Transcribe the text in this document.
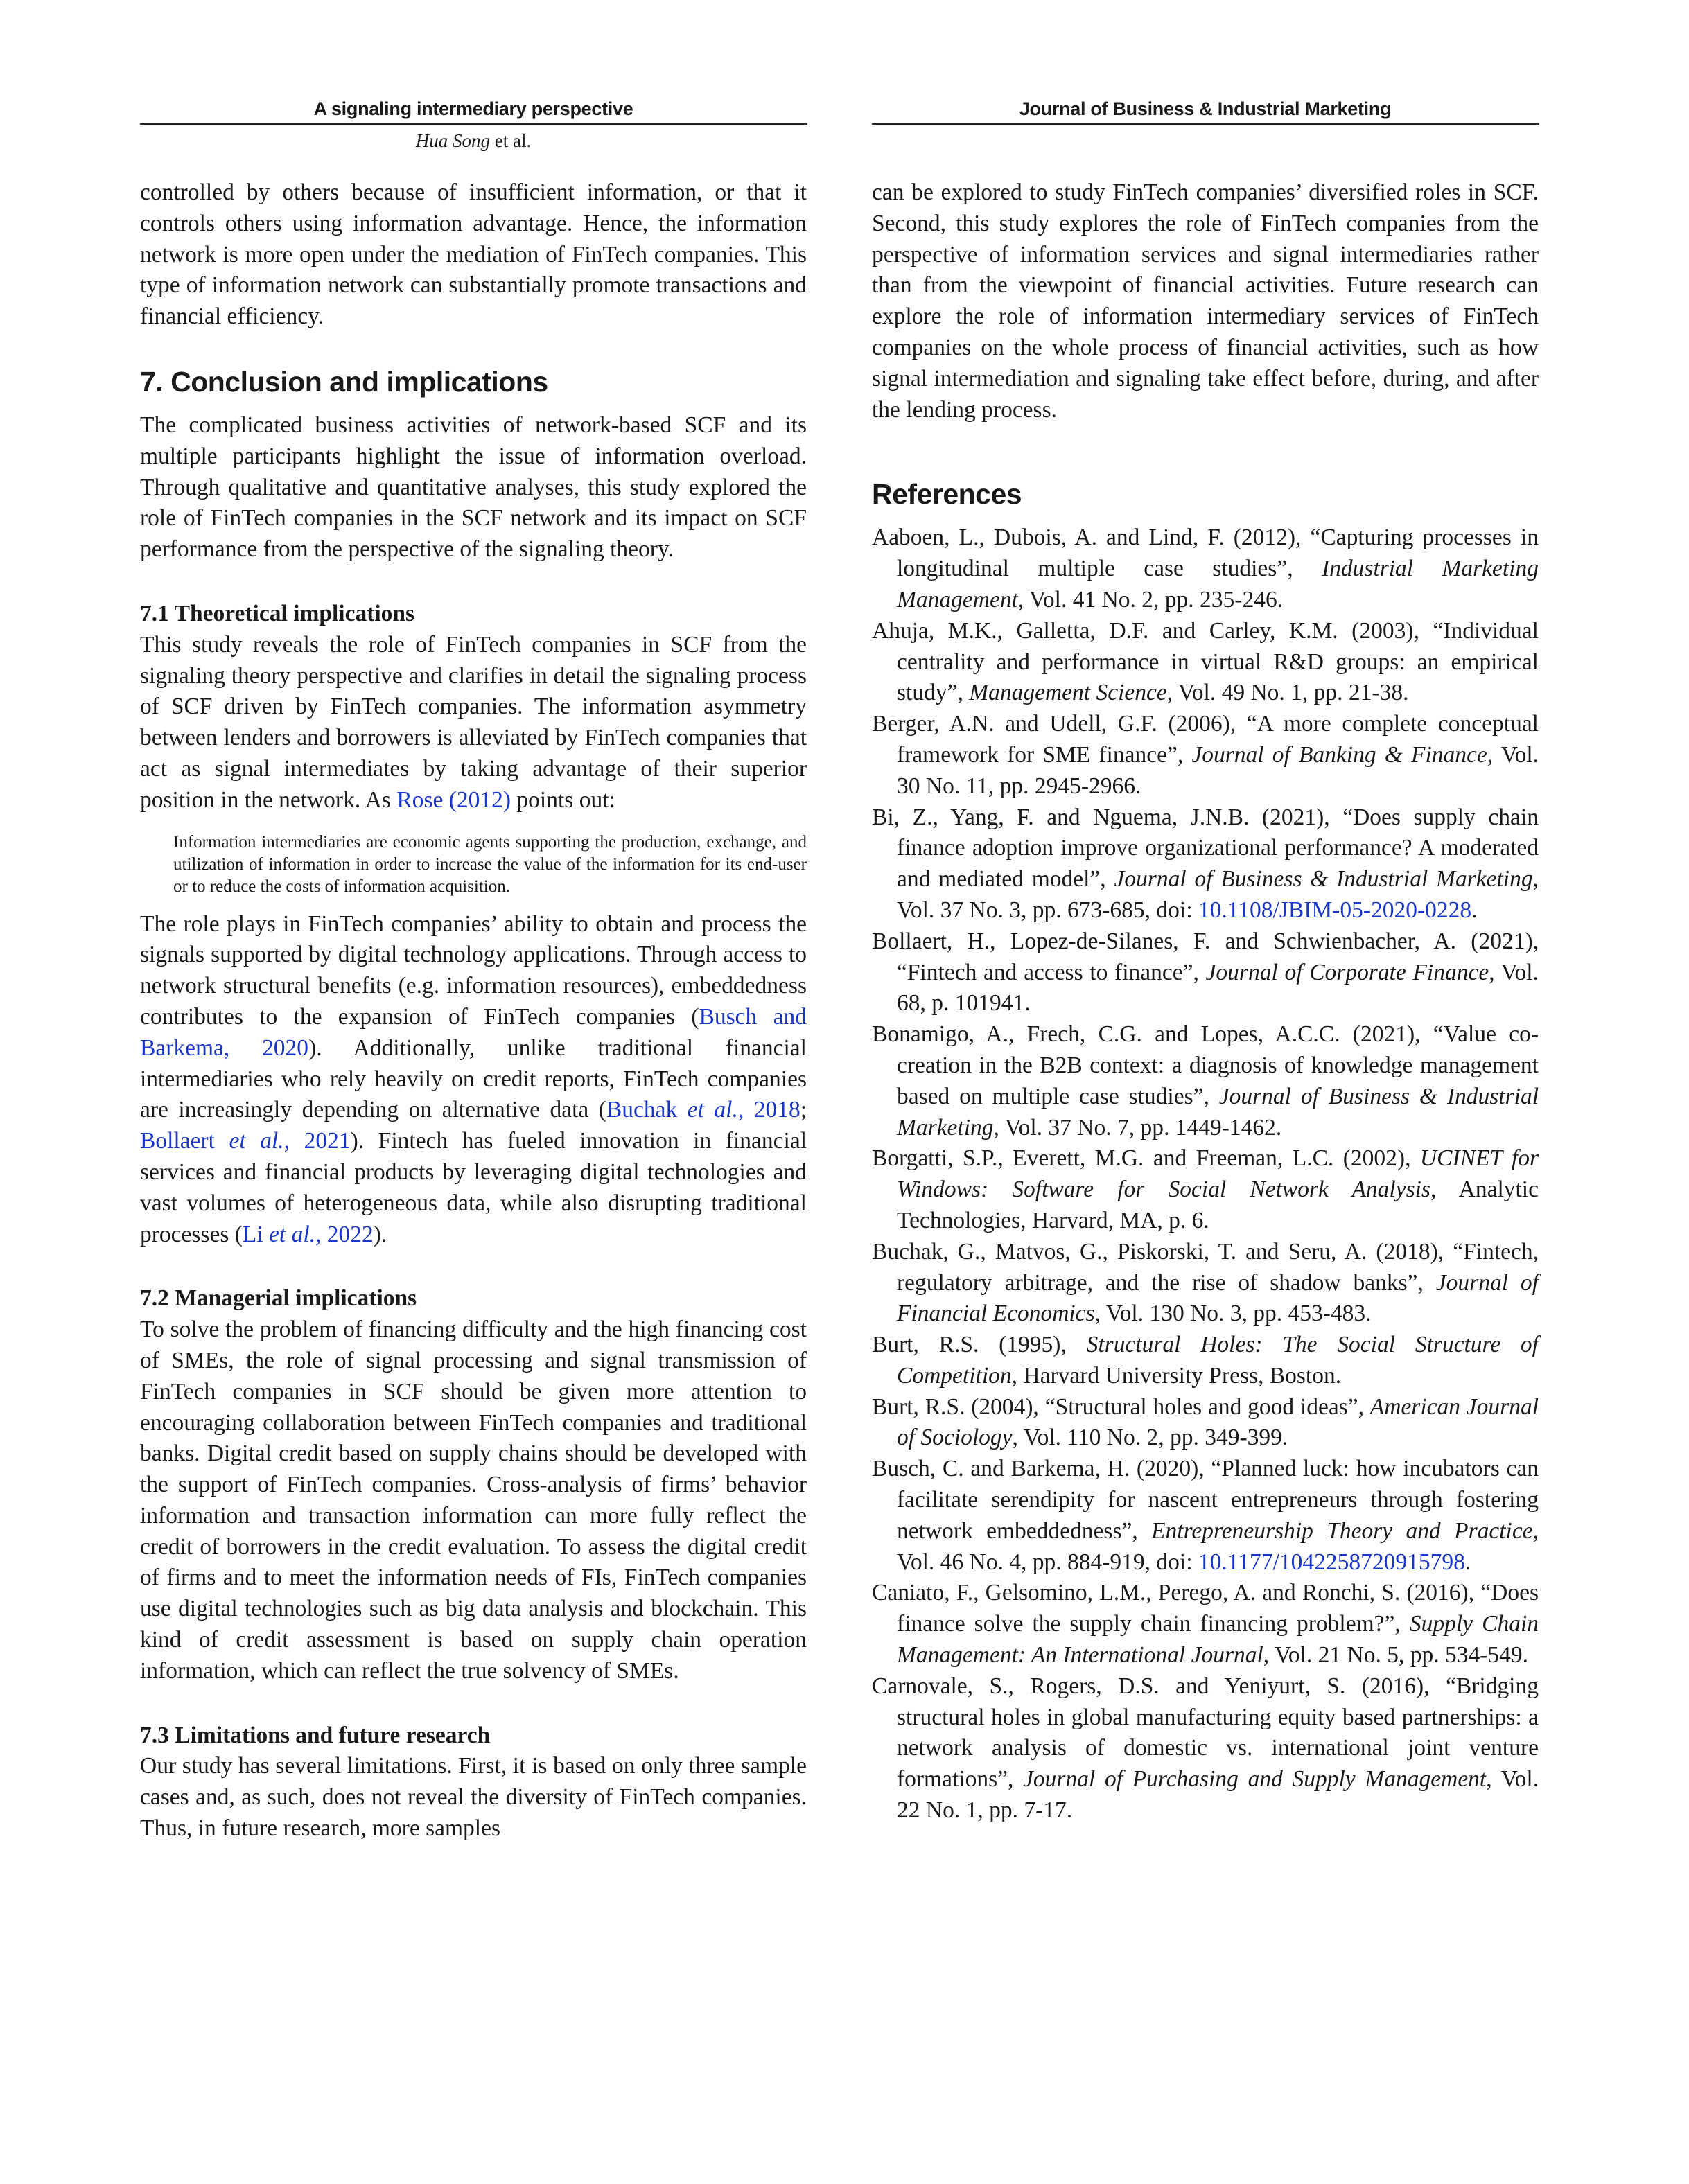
A signaling intermediary perspective
Hua Song et al.

controlled by others because of insufficient information, or that it controls others using information advantage. Hence, the information network is more open under the mediation of FinTech companies. This type of information network can substantially promote transactions and financial efficiency.

7. Conclusion and implications

The complicated business activities of network-based SCF and its multiple participants highlight the issue of information overload. Through qualitative and quantitative analyses, this study explored the role of FinTech companies in the SCF network and its impact on SCF performance from the perspective of the signaling theory.

7.1 Theoretical implications

This study reveals the role of FinTech companies in SCF from the signaling theory perspective and clarifies in detail the signaling process of SCF driven by FinTech companies. The information asymmetry between lenders and borrowers is alleviated by FinTech companies that act as signal intermediates by taking advantage of their superior position in the network. As Rose (2012) points out:

Information intermediaries are economic agents supporting the production, exchange, and utilization of information in order to increase the value of the information for its end-user or to reduce the costs of information acquisition.

The role plays in FinTech companies’ ability to obtain and process the signals supported by digital technology applications. Through access to network structural benefits (e.g. information resources), embeddedness contributes to the expansion of FinTech companies (Busch and Barkema, 2020). Additionally, unlike traditional financial intermediaries who rely heavily on credit reports, FinTech companies are increasingly depending on alternative data (Buchak et al., 2018; Bollaert et al., 2021). Fintech has fueled innovation in financial services and financial products by leveraging digital technologies and vast volumes of heterogeneous data, while also disrupting traditional processes (Li et al., 2022).

7.2 Managerial implications

To solve the problem of financing difficulty and the high financing cost of SMEs, the role of signal processing and signal transmission of FinTech companies in SCF should be given more attention to encouraging collaboration between FinTech companies and traditional banks. Digital credit based on supply chains should be developed with the support of FinTech companies. Cross-analysis of firms’ behavior information and transaction information can more fully reflect the credit of borrowers in the credit evaluation. To assess the digital credit of firms and to meet the information needs of FIs, FinTech companies use digital technologies such as big data analysis and blockchain. This kind of credit assessment is based on supply chain operation information, which can reflect the true solvency of SMEs.

7.3 Limitations and future research

Our study has several limitations. First, it is based on only three sample cases and, as such, does not reveal the diversity of FinTech companies. Thus, in future research, more samples

Journal of Business & Industrial Marketing

can be explored to study FinTech companies’ diversified roles in SCF. Second, this study explores the role of FinTech companies from the perspective of information services and signal intermediaries rather than from the viewpoint of financial activities. Future research can explore the role of information intermediary services of FinTech companies on the whole process of financial activities, such as how signal intermediation and signaling take effect before, during, and after the lending process.

References

Aaboen, L., Dubois, A. and Lind, F. (2012), “Capturing processes in longitudinal multiple case studies”, Industrial Marketing Management, Vol. 41 No. 2, pp. 235-246.

Ahuja, M.K., Galletta, D.F. and Carley, K.M. (2003), “Individual centrality and performance in virtual R&D groups: an empirical study”, Management Science, Vol. 49 No. 1, pp. 21-38.

Berger, A.N. and Udell, G.F. (2006), “A more complete conceptual framework for SME finance”, Journal of Banking & Finance, Vol. 30 No. 11, pp. 2945-2966.

Bi, Z., Yang, F. and Nguema, J.N.B. (2021), “Does supply chain finance adoption improve organizational performance? A moderated and mediated model”, Journal of Business & Industrial Marketing, Vol. 37 No. 3, pp. 673-685, doi: 10.1108/JBIM-05-2020-0228.

Bollaert, H., Lopez-de-Silanes, F. and Schwienbacher, A. (2021), “Fintech and access to finance”, Journal of Corporate Finance, Vol. 68, p. 101941.

Bonamigo, A., Frech, C.G. and Lopes, A.C.C. (2021), “Value co-creation in the B2B context: a diagnosis of knowledge management based on multiple case studies”, Journal of Business & Industrial Marketing, Vol. 37 No. 7, pp. 1449-1462.

Borgatti, S.P., Everett, M.G. and Freeman, L.C. (2002), UCINET for Windows: Software for Social Network Analysis, Analytic Technologies, Harvard, MA, p. 6.

Buchak, G., Matvos, G., Piskorski, T. and Seru, A. (2018), “Fintech, regulatory arbitrage, and the rise of shadow banks”, Journal of Financial Economics, Vol. 130 No. 3, pp. 453-483.

Burt, R.S. (1995), Structural Holes: The Social Structure of Competition, Harvard University Press, Boston.

Burt, R.S. (2004), “Structural holes and good ideas”, American Journal of Sociology, Vol. 110 No. 2, pp. 349-399.

Busch, C. and Barkema, H. (2020), “Planned luck: how incubators can facilitate serendipity for nascent entrepreneurs through fostering network embeddedness”, Entrepreneurship Theory and Practice, Vol. 46 No. 4, pp. 884-919, doi: 10.1177/1042258720915798.

Caniato, F., Gelsomino, L.M., Perego, A. and Ronchi, S. (2016), “Does finance solve the supply chain financing problem?”, Supply Chain Management: An International Journal, Vol. 21 No. 5, pp. 534-549.

Carnovale, S., Rogers, D.S. and Yeniyurt, S. (2016), “Bridging structural holes in global manufacturing equity based partnerships: a network analysis of domestic vs. international joint venture formations”, Journal of Purchasing and Supply Management, Vol. 22 No. 1, pp. 7-17.
